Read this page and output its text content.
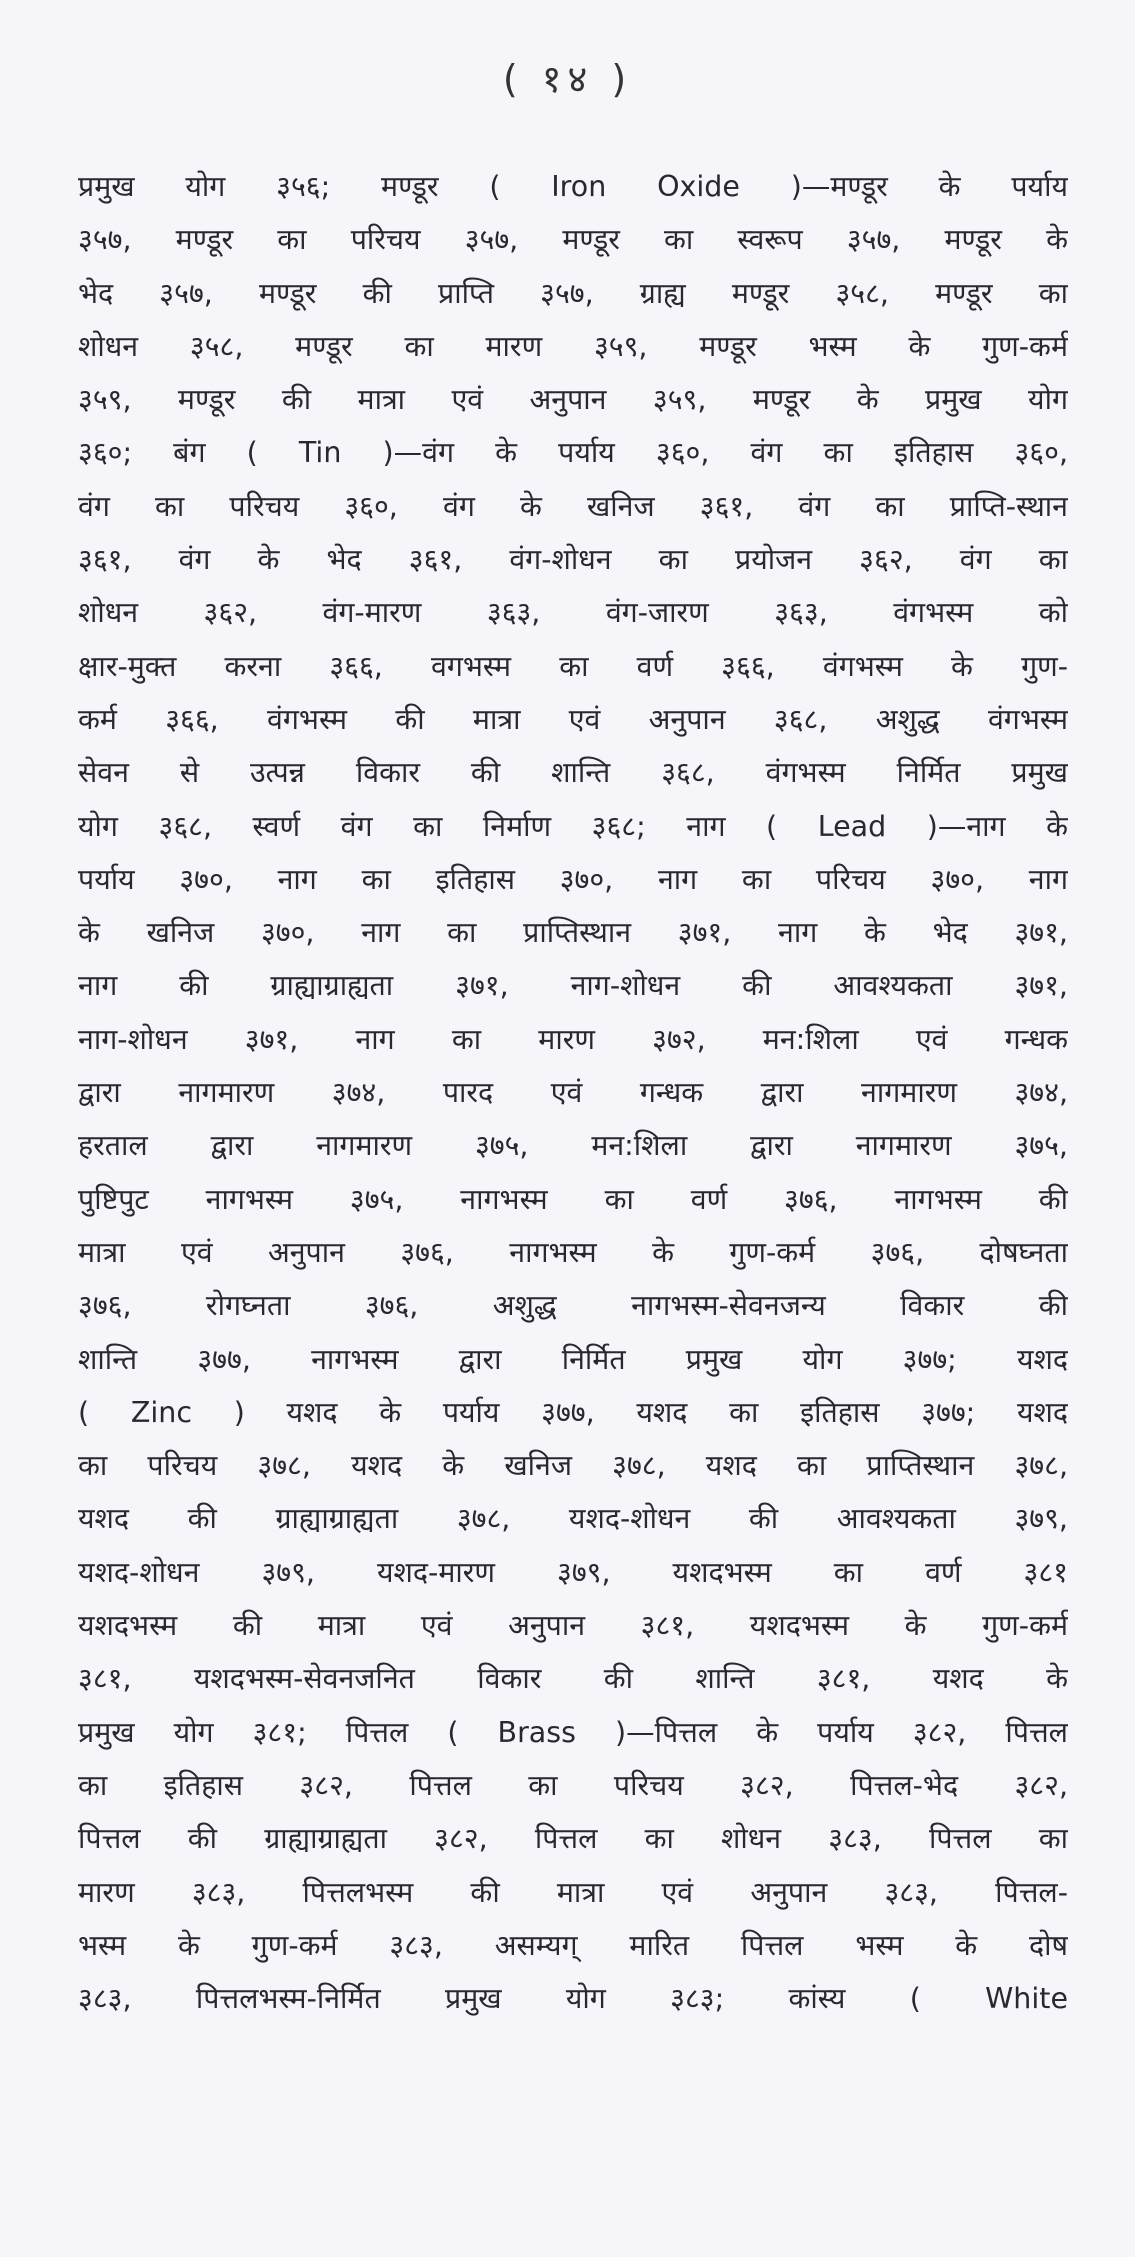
( १४ )
प्रमुख योग ३५६; मण्डूर ( Iron Oxide )—मण्डूर के पर्याय
३५७, मण्डूर का परिचय ३५७, मण्डूर का स्वरूप ३५७, मण्डूर के
भेद ३५७, मण्डूर की प्राप्ति ३५७, ग्राह्य मण्डूर ३५८, मण्डूर का
शोधन ३५८, मण्डूर का मारण ३५९, मण्डूर भस्म के गुण-कर्म
३५९, मण्डूर की मात्रा एवं अनुपान ३५९, मण्डूर के प्रमुख योग
३६०; बंग ( Tin )—वंग के पर्याय ३६०, वंग का इतिहास ३६०,
वंग का परिचय ३६०, वंग के खनिज ३६१, वंग का प्राप्ति-स्थान
३६१, वंग के भेद ३६१, वंग-शोधन का प्रयोजन ३६२, वंग का
शोधन ३६२, वंग-मारण ३६३, वंग-जारण ३६३, वंगभस्म को
क्षार-मुक्त करना ३६६, वगभस्म का वर्ण ३६६, वंगभस्म के गुण-
कर्म ३६६, वंगभस्म की मात्रा एवं अनुपान ३६८, अशुद्ध वंगभस्म
सेवन से उत्पन्न विकार की शान्ति ३६८, वंगभस्म निर्मित प्रमुख
योग ३६८, स्वर्ण वंग का निर्माण ३६८; नाग ( Lead )—नाग के
पर्याय ३७०, नाग का इतिहास ३७०, नाग का परिचय ३७०, नाग
के खनिज ३७०, नाग का प्राप्तिस्थान ३७१, नाग के भेद ३७१,
नाग की ग्राह्याग्राह्यता ३७१, नाग-शोधन की आवश्यकता ३७१,
नाग-शोधन ३७१, नाग का मारण ३७२, मन:शिला एवं गन्धक
द्वारा नागमारण ३७४, पारद एवं गन्धक द्वारा नागमारण ३७४,
हरताल द्वारा नागमारण ३७५, मन:शिला द्वारा नागमारण ३७५,
पुष्टिपुट नागभस्म ३७५, नागभस्म का वर्ण ३७६, नागभस्म की
मात्रा एवं अनुपान ३७६, नागभस्म के गुण-कर्म ३७६, दोषघ्नता
३७६, रोगघ्नता ३७६, अशुद्ध नागभस्म-सेवनजन्य विकार की
शान्ति ३७७, नागभस्म द्वारा निर्मित प्रमुख योग ३७७; यशद
( Zinc ) यशद के पर्याय ३७७, यशद का इतिहास ३७७; यशद
का परिचय ३७८, यशद के खनिज ३७८, यशद का प्राप्तिस्थान ३७८,
यशद की ग्राह्याग्राह्यता ३७८, यशद-शोधन की आवश्यकता ३७९,
यशद-शोधन ३७९, यशद-मारण ३७९, यशदभस्म का वर्ण ३८१
यशदभस्म की मात्रा एवं अनुपान ३८१, यशदभस्म के गुण-कर्म
३८१, यशदभस्म-सेवनजनित विकार की शान्ति ३८१, यशद के
प्रमुख योग ३८१; पित्तल ( Brass )—पित्तल के पर्याय ३८२, पित्तल
का इतिहास ३८२, पित्तल का परिचय ३८२, पित्तल-भेद ३८२,
पित्तल की ग्राह्याग्राह्यता ३८२, पित्तल का शोधन ३८३, पित्तल का
मारण ३८३, पित्तलभस्म की मात्रा एवं अनुपान ३८३, पित्तल-
भस्म के गुण-कर्म ३८३, असम्यग् मारित पित्तल भस्म के दोष
३८३, पित्तलभस्म-निर्मित प्रमुख योग ३८३; कांस्य ( White
